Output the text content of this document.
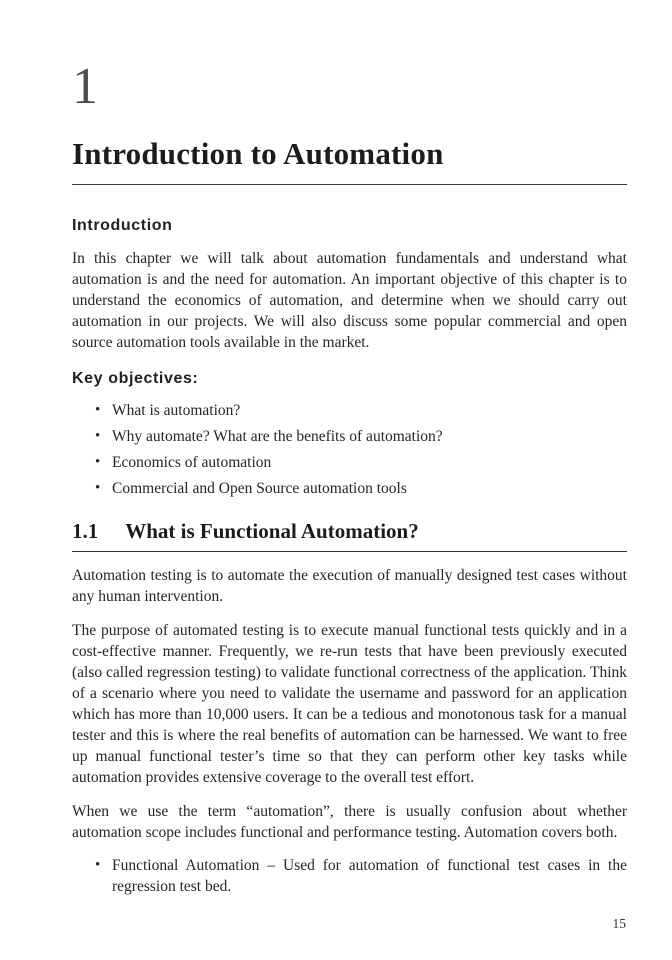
1
Introduction to Automation
Introduction

In this chapter we will talk about automation fundamentals and understand what automation is and the need for automation. An important objective of this chapter is to understand the economics of automation, and determine when we should carry out automation in our projects. We will also discuss some popular commercial and open source automation tools available in the market.

Key objectives:
• What is automation?
• Why automate? What are the benefits of automation?
• Economics of automation
• Commercial and Open Source automation tools
1.1 What is Functional Automation?

Automation testing is to automate the execution of manually designed test cases without any human intervention.

The purpose of automated testing is to execute manual functional tests quickly and in a cost-effective manner. Frequently, we re-run tests that have been previously executed (also called regression testing) to validate functional correctness of the application. Think of a scenario where you need to validate the username and password for an application which has more than 10,000 users. It can be a tedious and monotonous task for a manual tester and this is where the real benefits of automation can be harnessed. We want to free up manual functional tester’s time so that they can perform other key tasks while automation provides extensive coverage to the overall test effort.

When we use the term “automation”, there is usually confusion about whether automation scope includes functional and performance testing. Automation covers both.

• Functional Automation – Used for automation of functional test cases in the regression test bed.
15
